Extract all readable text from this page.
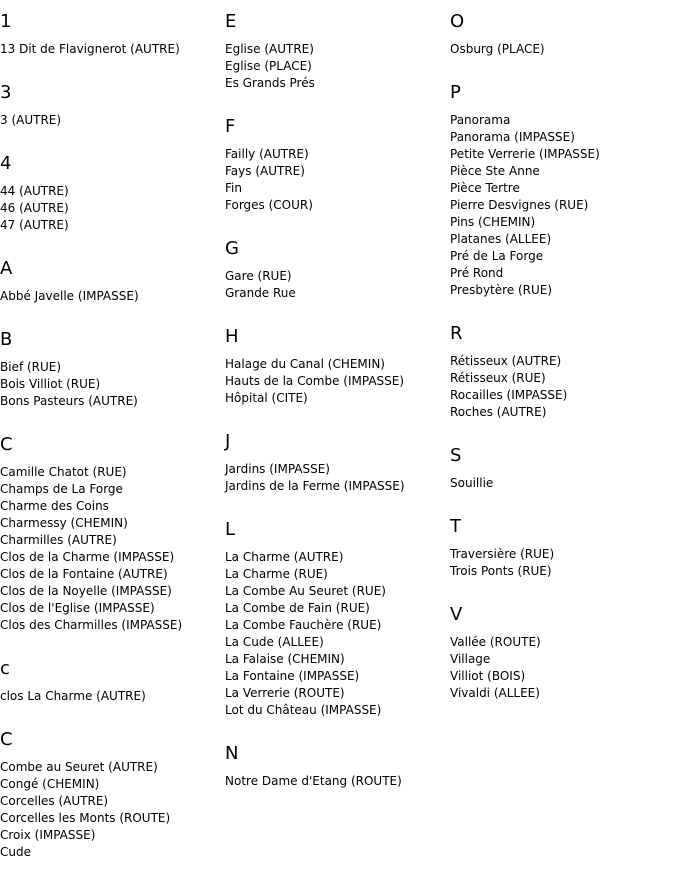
1
13 Dit de Flavignerot (AUTRE)
3
3 (AUTRE)
4
44 (AUTRE)
46 (AUTRE)
47 (AUTRE)
A
Abbé Javelle (IMPASSE)
B
Bief (RUE)
Bois Villiot (RUE)
Bons Pasteurs (AUTRE)
C
Camille Chatot (RUE)
Champs de La Forge
Charme des Coins
Charmessy (CHEMIN)
Charmilles (AUTRE)
Clos de la Charme (IMPASSE)
Clos de la Fontaine (AUTRE)
Clos de la Noyelle (IMPASSE)
Clos de l'Eglise (IMPASSE)
Clos des Charmilles (IMPASSE)
c
clos La Charme (AUTRE)
C
Combe au Seuret (AUTRE)
Congé (CHEMIN)
Corcelles (AUTRE)
Corcelles les Monts (ROUTE)
Croix (IMPASSE)
Cude
E
Eglise (AUTRE)
Eglise (PLACE)
Es Grands Prés
F
Failly (AUTRE)
Fays (AUTRE)
Fin
Forges (COUR)
G
Gare (RUE)
Grande Rue
H
Halage du Canal (CHEMIN)
Hauts de la Combe (IMPASSE)
Hôpital (CITE)
J
Jardins (IMPASSE)
Jardins de la Ferme (IMPASSE)
L
La Charme (AUTRE)
La Charme (RUE)
La Combe Au Seuret (RUE)
La Combe de Fain (RUE)
La Combe Fauchère (RUE)
La Cude (ALLEE)
La Falaise (CHEMIN)
La Fontaine (IMPASSE)
La Verrerie (ROUTE)
Lot du Château (IMPASSE)
N
Notre Dame d'Etang (ROUTE)
O
Osburg (PLACE)
P
Panorama
Panorama (IMPASSE)
Petite Verrerie (IMPASSE)
Pièce Ste Anne
Pièce Tertre
Pierre Desvignes (RUE)
Pins (CHEMIN)
Platanes (ALLEE)
Pré de La Forge
Pré Rond
Presbytère (RUE)
R
Rétisseux (AUTRE)
Rétisseux (RUE)
Rocailles (IMPASSE)
Roches (AUTRE)
S
Souillie
T
Traversière (RUE)
Trois Ponts (RUE)
V
Vallée (ROUTE)
Village
Villiot (BOIS)
Vivaldi (ALLEE)
